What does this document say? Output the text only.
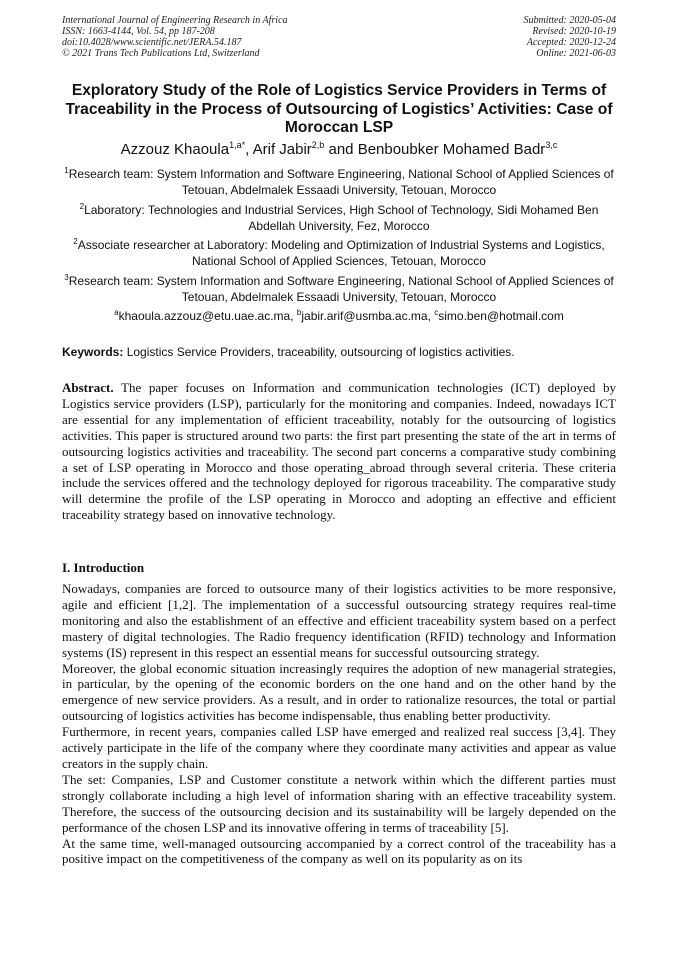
International Journal of Engineering Research in Africa
ISSN: 1663-4144, Vol. 54, pp 187-208
doi:10.4028/www.scientific.net/JERA.54.187
© 2021 Trans Tech Publications Ltd, Switzerland
Submitted: 2020-05-04
Revised: 2020-10-19
Accepted: 2020-12-24
Online: 2021-06-03
Exploratory Study of the Role of Logistics Service Providers in Terms of Traceability in the Process of Outsourcing of Logistics’ Activities: Case of Moroccan LSP
Azzouz Khaoula$^{1,a*}$, Arif Jabir$^{2,b}$ and Benboubker Mohamed Badr$^{3,c}$
$^1$Research team: System Information and Software Engineering, National School of Applied Sciences of Tetouan, Abdelmalek Essaadi University, Tetouan, Morocco
$^2$Laboratory: Technologies and Industrial Services, High School of Technology, Sidi Mohamed Ben Abdellah University, Fez, Morocco
$^2$Associate researcher at Laboratory: Modeling and Optimization of Industrial Systems and Logistics, National School of Applied Sciences, Tetouan, Morocco
$^3$Research team: System Information and Software Engineering, National School of Applied Sciences of Tetouan, Abdelmalek Essaadi University, Tetouan, Morocco
$^a$khaoula.azzouz@etu.uae.ac.ma, $^b$jabir.arif@usmba.ac.ma, $^c$simo.ben@hotmail.com
Keywords: Logistics Service Providers, traceability, outsourcing of logistics activities.

Abstract. The paper focuses on Information and communication technologies (ICT) deployed by Logistics service providers (LSP), particularly for the monitoring and companies. Indeed, nowadays ICT are essential for any implementation of efficient traceability, notably for the outsourcing of logistics activities. This paper is structured around two parts: the first part presenting the state of the art in terms of outsourcing logistics activities and traceability. The second part concerns a comparative study combining a set of LSP operating in Morocco and those operating_abroad through several criteria. These criteria include the services offered and the technology deployed for rigorous traceability. The comparative study will determine the profile of the LSP operating in Morocco and adopting an effective and efficient traceability strategy based on innovative technology.

I. Introduction

Nowadays, companies are forced to outsource many of their logistics activities to be more responsive, agile and efficient [1,2]. The implementation of a successful outsourcing strategy requires real-time monitoring and also the establishment of an effective and efficient traceability system based on a perfect mastery of digital technologies. The Radio frequency identification (RFID) technology and Information systems (IS) represent in this respect an essential means for successful outsourcing strategy.

Moreover, the global economic situation increasingly requires the adoption of new managerial strategies, in particular, by the opening of the economic borders on the one hand and on the other hand by the emergence of new service providers. As a result, and in order to rationalize resources, the total or partial outsourcing of logistics activities has become indispensable, thus enabling better productivity.

Furthermore, in recent years, companies called LSP have emerged and realized real success [3,4]. They actively participate in the life of the company where they coordinate many activities and appear as value creators in the supply chain.

The set: Companies, LSP and Customer constitute a network within which the different parties must strongly collaborate including a high level of information sharing with an effective traceability system. Therefore, the success of the outsourcing decision and its sustainability will be largely depended on the performance of the chosen LSP and its innovative offering in terms of traceability [5].

At the same time, well-managed outsourcing accompanied by a correct control of the traceability has a positive impact on the competitiveness of the company as well on its popularity as on its
